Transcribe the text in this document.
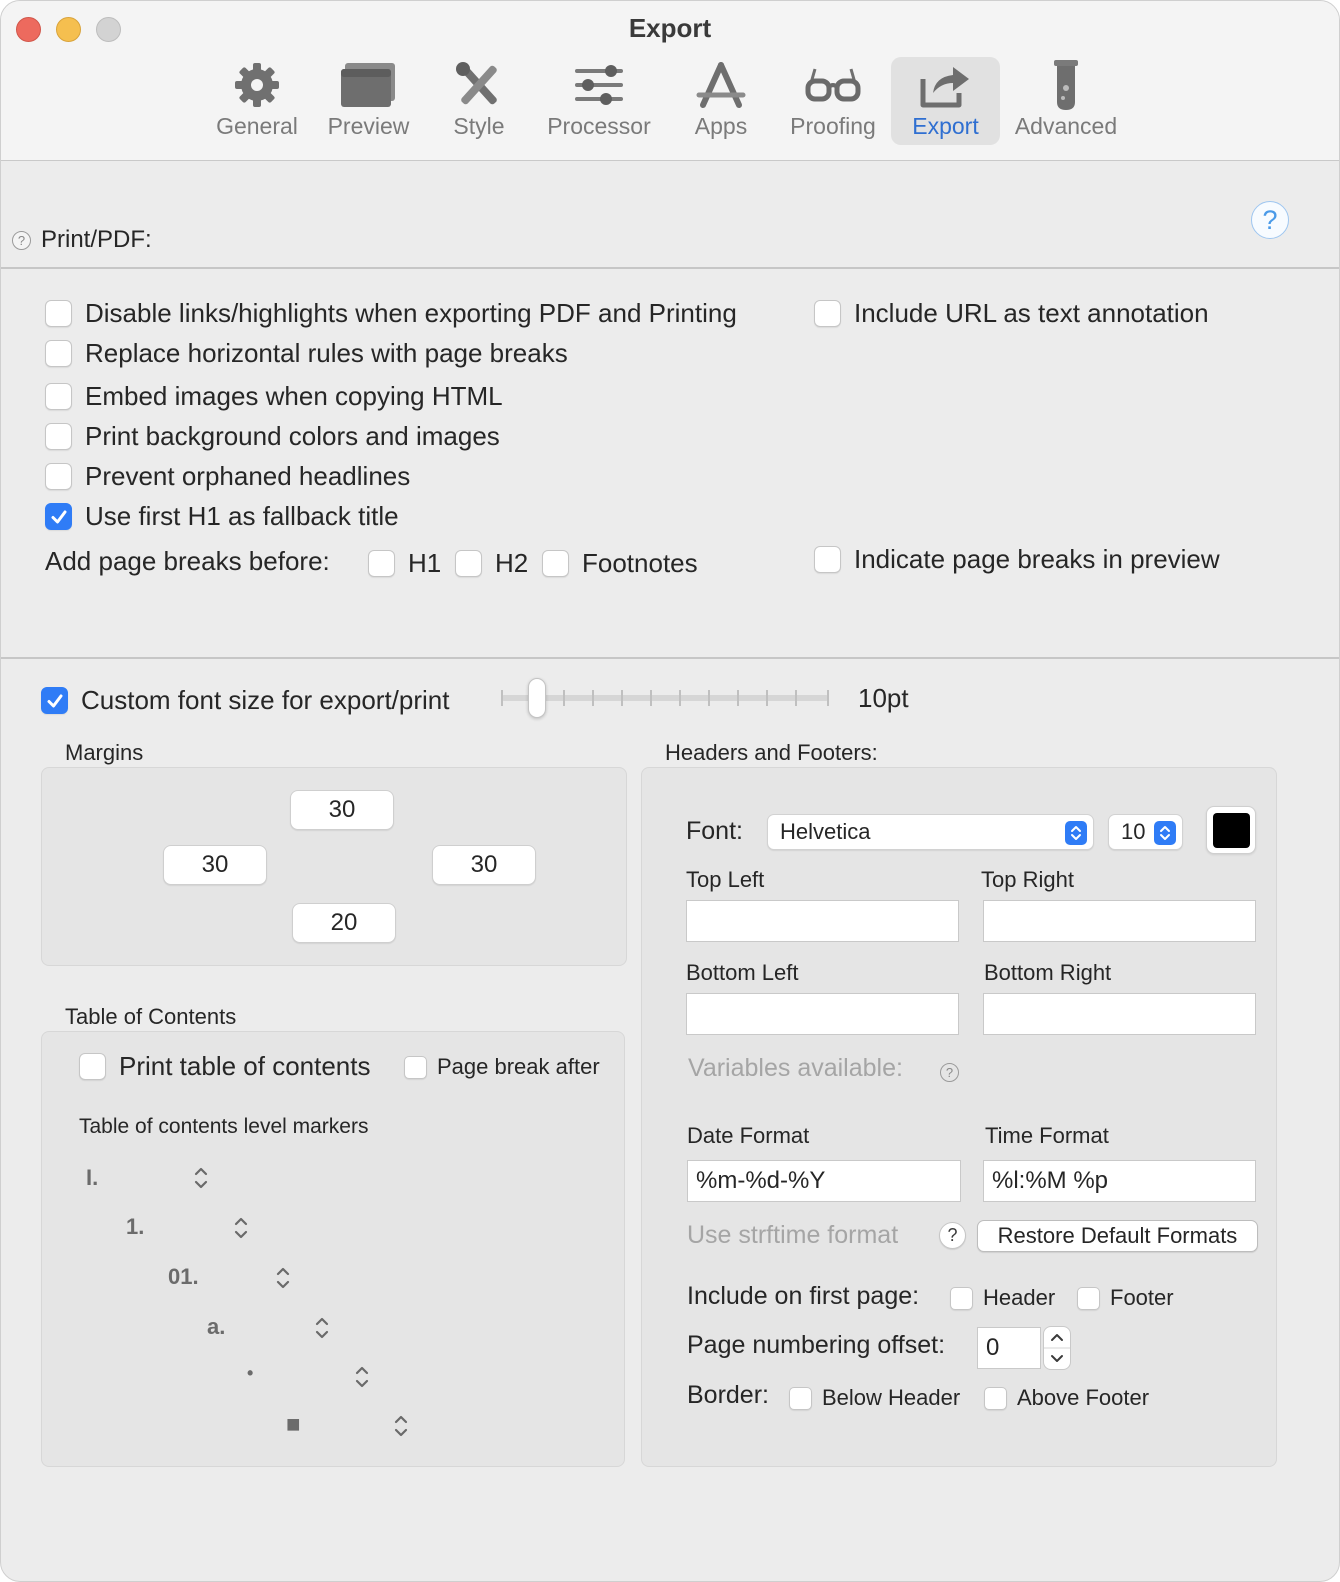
Export
General Preview Style Processor Apps Proofing Export Advanced
? Print/PDF:
?
Disable links/highlights when exporting PDF and Printing	Include URL as text annotation
Replace horizontal rules with page breaks
Embed images when copying HTML
Print background colors and images
Prevent orphaned headlines
Use first H1 as fallback title
Add page breaks before:	H1 H2 Footnotes	Indicate page breaks in preview
Custom font size for export/print	10pt
Margins
30
30	30
20
Table of Contents
Print table of contents	Page break after
Table of contents level markers
I.
1.
01.
a.
•
■
Headers and Footers:
Font: Helvetica	10
Top Left	Top Right
Bottom Left	Bottom Right
Variables available:	?
Date Format	Time Format
%m-%d-%Y	%l:%M %p
Use strftime format	?	Restore Default Formats
Include on first page:	Header Footer
Page numbering offset:	0
Border: Below Header	Above Footer
